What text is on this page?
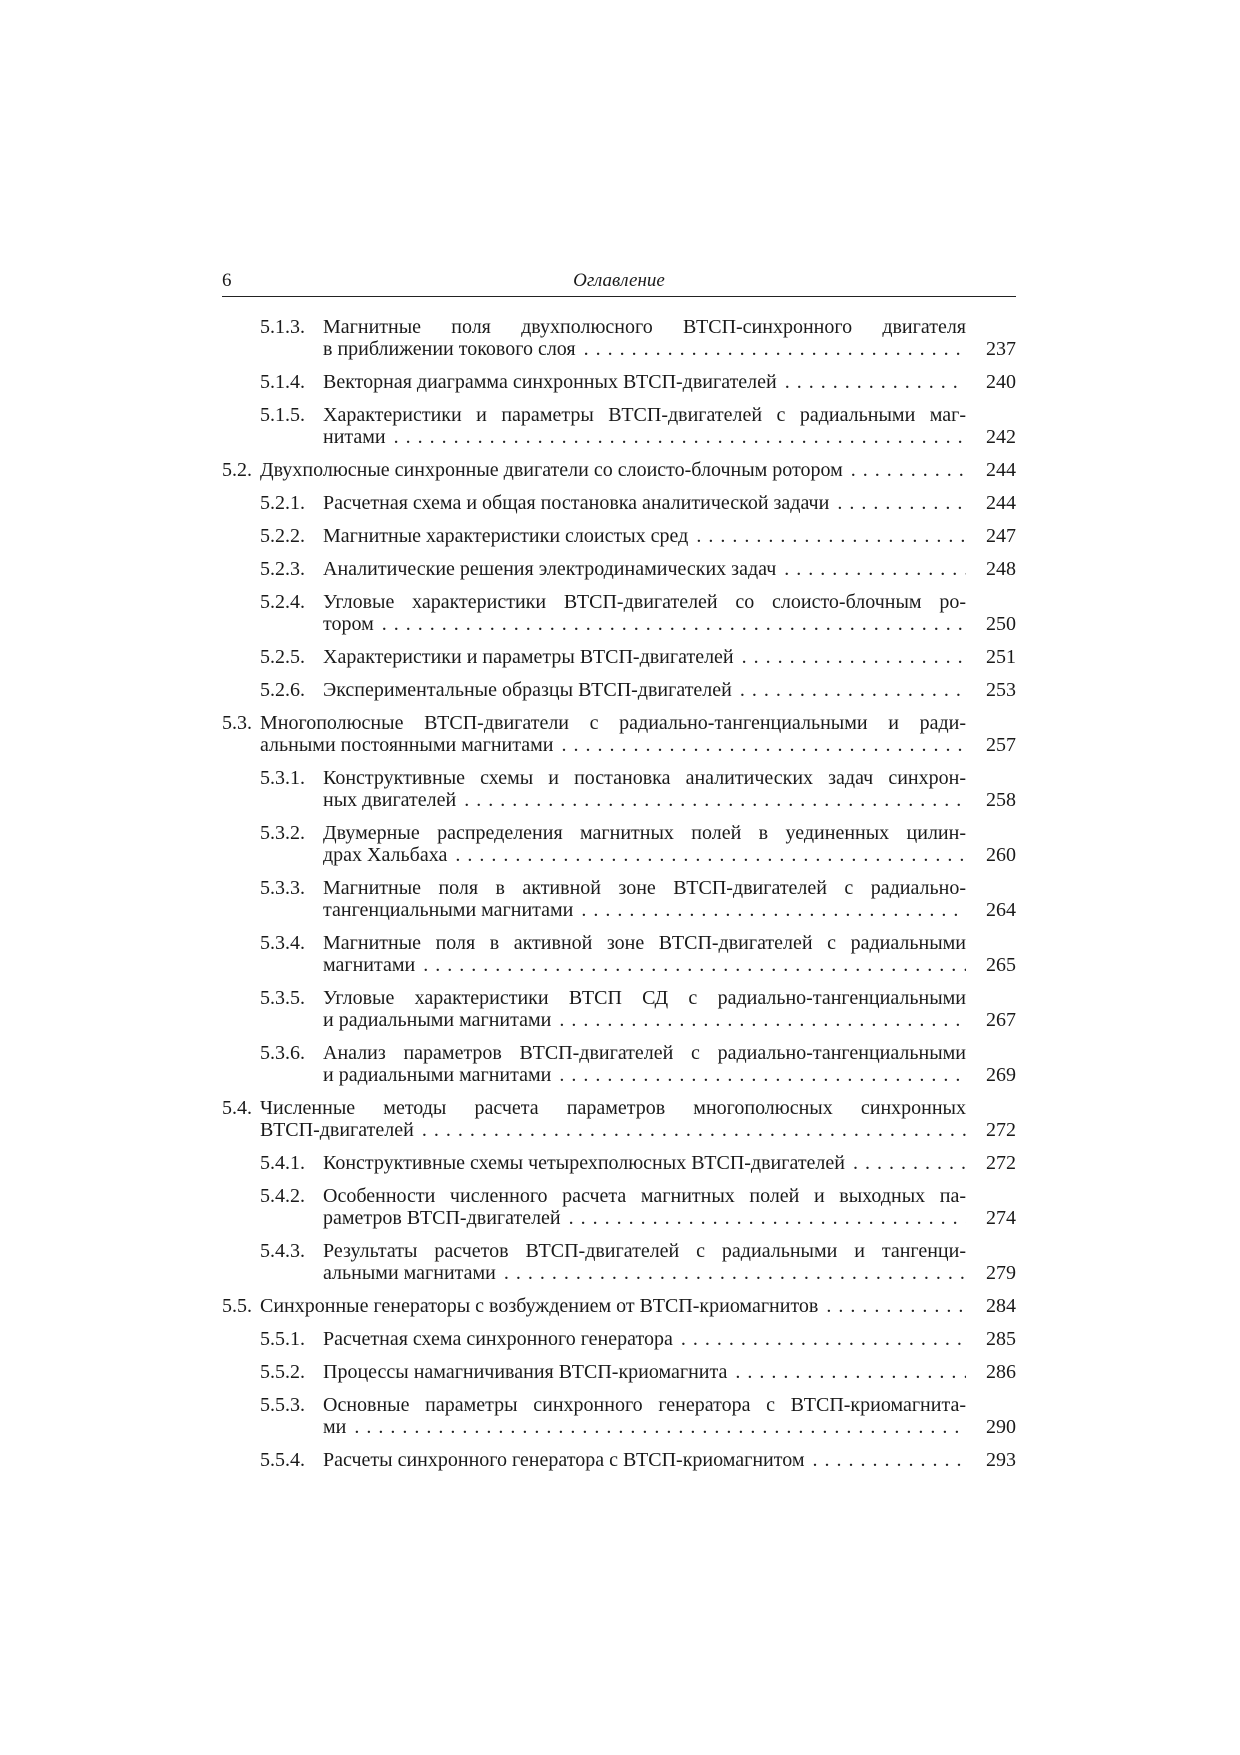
6	Оглавление
5.1.3. Магнитные поля двухполюсного ВТСП-синхронного двигателя
в приближении токового слоя .....	237
5.1.4. Векторная диаграмма синхронных ВТСП-двигателей .....	240
5.1.5. Характеристики и параметры ВТСП-двигателей с радиальными маг-
нитами .....	242
5.2. Двухполюсные синхронные двигатели со слоисто-блочным ротором .....	244
5.2.1. Расчетная схема и общая постановка аналитической задачи .....	244
5.2.2. Магнитные характеристики слоистых сред .....	247
5.2.3. Аналитические решения электродинамических задач .....	248
5.2.4. Угловые характеристики ВТСП-двигателей со слоисто-блочным ро-
тором .....	250
5.2.5. Характеристики и параметры ВТСП-двигателей .....	251
5.2.6. Экспериментальные образцы ВТСП-двигателей .....	253
5.3. Многополюсные ВТСП-двигатели с радиально-тангенциальными и ради-
альными постоянными магнитами .....	257
5.3.1. Конструктивные схемы и постановка аналитических задач синхрон-
ных двигателей .....	258
5.3.2. Двумерные распределения магнитных полей в уединенных цилин-
драх Хальбаха .....	260
5.3.3. Магнитные поля в активной зоне ВТСП-двигателей с радиально-
тангенциальными магнитами .....	264
5.3.4. Магнитные поля в активной зоне ВТСП-двигателей с радиальными
магнитами .....	265
5.3.5. Угловые характеристики ВТСП СД с радиально-тангенциальными
и радиальными магнитами .....	267
5.3.6. Анализ параметров ВТСП-двигателей с радиально-тангенциальными
и радиальными магнитами .....	269
5.4. Численные методы расчета параметров многополюсных синхронных
ВТСП-двигателей .....	272
5.4.1. Конструктивные схемы четырехполюсных ВТСП-двигателей .....	272
5.4.2. Особенности численного расчета магнитных полей и выходных па-
раметров ВТСП-двигателей .....	274
5.4.3. Результаты расчетов ВТСП-двигателей с радиальными и тангенци-
альными магнитами .....	279
5.5. Синхронные генераторы с возбуждением от ВТСП-криомагнитов .....	284
5.5.1. Расчетная схема синхронного генератора .....	285
5.5.2. Процессы намагничивания ВТСП-криомагнита .....	286
5.5.3. Основные параметры синхронного генератора с ВТСП-криомагнита-
ми .....	290
5.5.4. Расчеты синхронного генератора с ВТСП-криомагнитом .....	293
